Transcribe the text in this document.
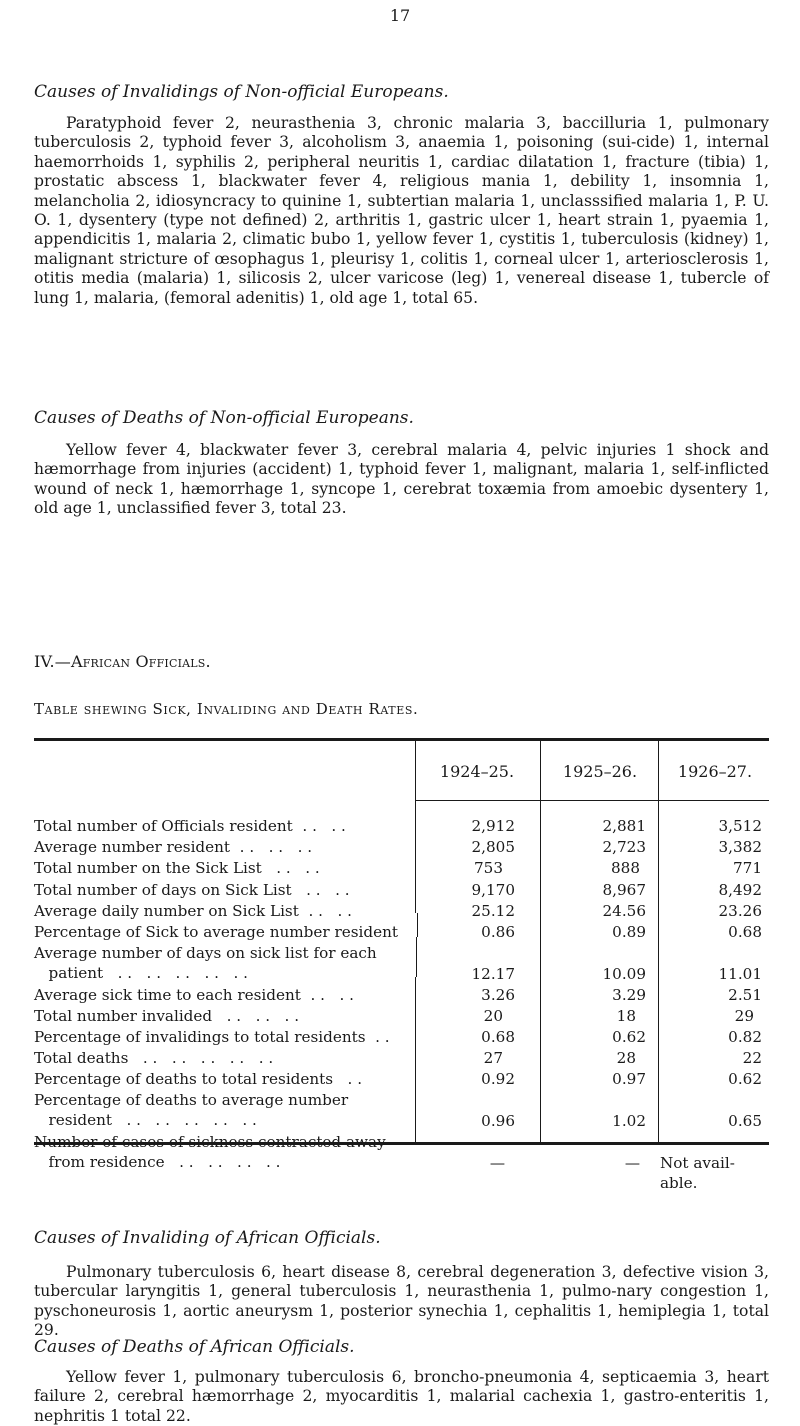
17
Causes of Invalidings of Non-official Europeans.

Paratyphoid fever 2, neurasthenia 3, chronic malaria 3, baccilluria 1, pulmonary tuberculosis 2, typhoid fever 3, alcoholism 3, anaemia 1, poisoning (sui-cide) 1, internal haemorrhoids 1, syphilis 2, peripheral neuritis 1, cardiac dilatation 1, fracture (tibia) 1, prostatic abscess 1, blackwater fever 4, religious mania 1, debility 1, insomnia 1, melancholia 2, idiosyncracy to quinine 1, subtertian malaria 1, unclasssified malaria 1, P. U. O. 1, dysentery (type not defined) 2, arthritis 1, gastric ulcer 1, heart strain 1, pyaemia 1, appendicitis 1, malaria 2, climatic bubo 1, yellow fever 1, cystitis 1, tuberculosis (kidney) 1, malignant stricture of œsophagus 1, pleurisy 1, colitis 1, corneal ulcer 1, arteriosclerosis 1, otitis media (malaria) 1, silicosis 2, ulcer varicose (leg) 1, venereal disease 1, tubercle of lung 1, malaria, (femoral adenitis) 1, old age 1, total 65.

Causes of Deaths of Non-official Europeans.

Yellow fever 4, blackwater fever 3, cerebral malaria 4, pelvic injuries 1 shock and hæmorrhage from injuries (accident) 1, typhoid fever 1, malignant, malaria 1, self-inflicted wound of neck 1, hæmorrhage 1, syncope 1, cerebrat toxæmia from amoebic dysentery 1, old age 1, unclassified fever 3, total 23.

IV.—African Officials.
Table shewing Sick, Invaliding and Death Rates.
1924–25.	1925–26.	1926–27.
Total number of Officials resident  . .   . .	2,912	2,881	3,512
Average number resident  . .   . .   . .	2,805	2,723	3,382
Total number on the Sick List   . .   . .	753	888	771
Total number of days on Sick List   . .   . .	9,170	8,967	8,492
Average daily number on Sick List  . .   . .	25.12	24.56	23.26
Percentage of Sick to average number resident	0.86	0.89	0.68
Average number of days on sick list for each
patient   . .   . .   . .   . .   . .	12.17	10.09	11.01
Average sick time to each resident  . .   . .	3.26	3.29	2.51
Total number invalided   . .   . .   . .	20	18	29
Percentage of invalidings to total residents  . .	0.68	0.62	0.82
Total deaths   . .   . .   . .   . .   . .	27	28	22
Percentage of deaths to total residents   . .	0.92	0.97	0.62
Percentage of deaths to average number
resident   . .   . .   . .   . .   . .	0.96	1.02	0.65
Number of cases of sickness contracted away
from residence   . .   . .   . .   . .	—	— Not avail-
able.
Causes of Invaliding of African Officials.

Pulmonary tuberculosis 6, heart disease 8, cerebral degeneration 3, defective vision 3, tubercular laryngitis 1, general tuberculosis 1, neurasthenia 1, pulmo-nary congestion 1, pyschoneurosis 1, aortic aneurysm 1, posterior synechia 1, cephalitis 1, hemiplegia 1, total 29.

Causes of Deaths of African Officials.

Yellow fever 1, pulmonary tuberculosis 6, broncho-pneumonia 4, septicaemia 3, heart failure 2, cerebral hæmorrhage 2, myocarditis 1, malarial cachexia 1, gastro-enteritis 1, nephritis 1 total 22.
